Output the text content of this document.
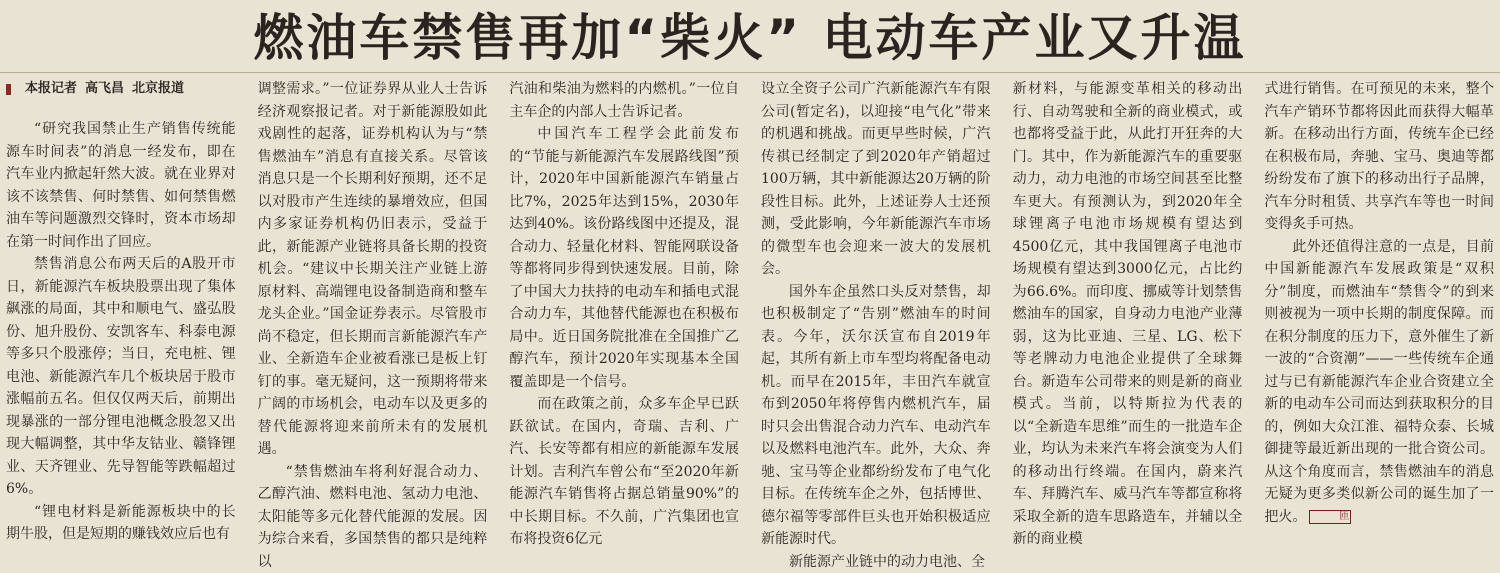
燃油车禁售再加“柴火” 电动车产业又升温
本报记者 高飞昌 北京报道

“研究我国禁止生产销售传统能源车时间表”的消息一经发布，即在汽车业内掀起轩然大波。就在业界对该不该禁售、何时禁售、如何禁售燃油车等问题激烈交锋时，资本市场却在第一时间作出了回应。

禁售消息公布两天后的A股开市日，新能源汽车板块股票出现了集体飙涨的局面，其中和顺电气、盛弘股份、旭升股份、安凯客车、科泰电源等多只个股涨停；当日，充电桩、锂电池、新能源汽车几个板块居于股市涨幅前五名。但仅仅两天后，前期出现暴涨的一部分锂电池概念股忽又出现大幅调整，其中华友钴业、赣锋锂业、天齐锂业、先导智能等跌幅超过6%。

“锂电材料是新能源板块中的长期牛股，但是短期的赚钱效应后也有

调整需求。”一位证券界从业人士告诉经济观察报记者。对于新能源股如此戏剧性的起落，证券机构认为与“禁售燃油车”消息有直接关系。尽管该消息只是一个长期利好预期，还不足以对股市产生连续的暴增效应，但国内多家证券机构仍旧表示，受益于此，新能源产业链将具备长期的投资机会。“建议中长期关注产业链上游原材料、高端锂电设备制造商和整车龙头企业。”国金证券表示。尽管股市尚不稳定，但长期而言新能源汽车产业、全新造车企业被看涨已是板上钉钉的事。毫无疑问，这一预期将带来广阔的市场机会，电动车以及更多的替代能源将迎来前所未有的发展机遇。

“禁售燃油车将利好混合动力、乙醇汽油、燃料电池、氢动力电池、太阳能等多元化替代能源的发展。因为综合来看，多国禁售的都只是纯粹以

汽油和柴油为燃料的内燃机。”一位自主车企的内部人士告诉记者。

中国汽车工程学会此前发布的“节能与新能源汽车发展路线图”预计，2020年中国新能源汽车销量占比7%，2025年达到15%，2030年达到40%。该份路线图中还提及，混合动力、轻量化材料、智能网联设备等都将同步得到快速发展。目前，除了中国大力扶持的电动车和插电式混合动力车，其他替代能源也在积极布局中。近日国务院批准在全国推广乙醇汽车，预计2020年实现基本全国覆盖即是一个信号。

而在政策之前，众多车企早已跃跃欲试。在国内，奇瑞、吉利、广汽、长安等都有相应的新能源车发展计划。吉利汽车曾公布“至2020年新能源汽车销售将占据总销量90%”的中长期目标。不久前，广汽集团也宣布将投资6亿元

设立全资子公司广汽新能源汽车有限公司(暂定名)，以迎接“电气化”带来的机遇和挑战。而更早些时候，广汽传祺已经制定了到2020年产销超过100万辆，其中新能源达20万辆的阶段性目标。此外，上述证券人士还预测，受此影响，今年新能源汽车市场的微型车也会迎来一波大的发展机会。

国外车企虽然口头反对禁售，却也积极制定了“告别”燃油车的时间表。今年，沃尔沃宣布自2019年起，其所有新上市车型均将配备电动机。而早在2015年，丰田汽车就宣布到2050年将停售内燃机汽车，届时只会出售混合动力汽车、电动汽车以及燃料电池汽车。此外，大众、奔驰、宝马等企业都纷纷发布了电气化目标。在传统车企之外，包括博世、德尔福等零部件巨头也开始积极适应新能源时代。

新能源产业链中的动力电池、全

新材料，与能源变革相关的移动出行、自动驾驶和全新的商业模式，或也都将受益于此，从此打开狂奔的大门。其中，作为新能源汽车的重要驱动力，动力电池的市场空间甚至比整车更大。有预测认为，到2020年全球锂离子电池市场规模有望达到4500亿元，其中我国锂离子电池市场规模有望达到3000亿元，占比约为66.6%。而印度、挪威等计划禁售燃油车的国家，自身动力电池产业薄弱，这为比亚迪、三星、LG、松下等老牌动力电池企业提供了全球舞台。新造车公司带来的则是新的商业模式。当前，以特斯拉为代表的以“全新造车思维”而生的一批造车企业，均认为未来汽车将会演变为人们的移动出行终端。在国内，蔚来汽车、拜腾汽车、威马汽车等都宣称将采取全新的造车思路造车，并辅以全新的商业模

式进行销售。在可预见的未来，整个汽车产销环节都将因此而获得大幅革新。在移动出行方面，传统车企已经在积极布局，奔驰、宝马、奥迪等都纷纷发布了旗下的移动出行子品牌，汽车分时租赁、共享汽车等也一时间变得炙手可热。

此外还值得注意的一点是，目前中国新能源汽车发展政策是“双积分”制度，而燃油车“禁售令”的到来则被视为一项中长期的制度保障。而在积分制度的压力下，意外催生了新一波的“合资潮”——一些传统车企通过与已有新能源汽车企业合资建立全新的电动车公司而达到获取积分的目的，例如大众江淮、福特众泰、长城御捷等最近新出现的一批合资公司。从这个角度而言，禁售燃油车的消息无疑为更多类似新公司的诞生加了一把火。	匝
